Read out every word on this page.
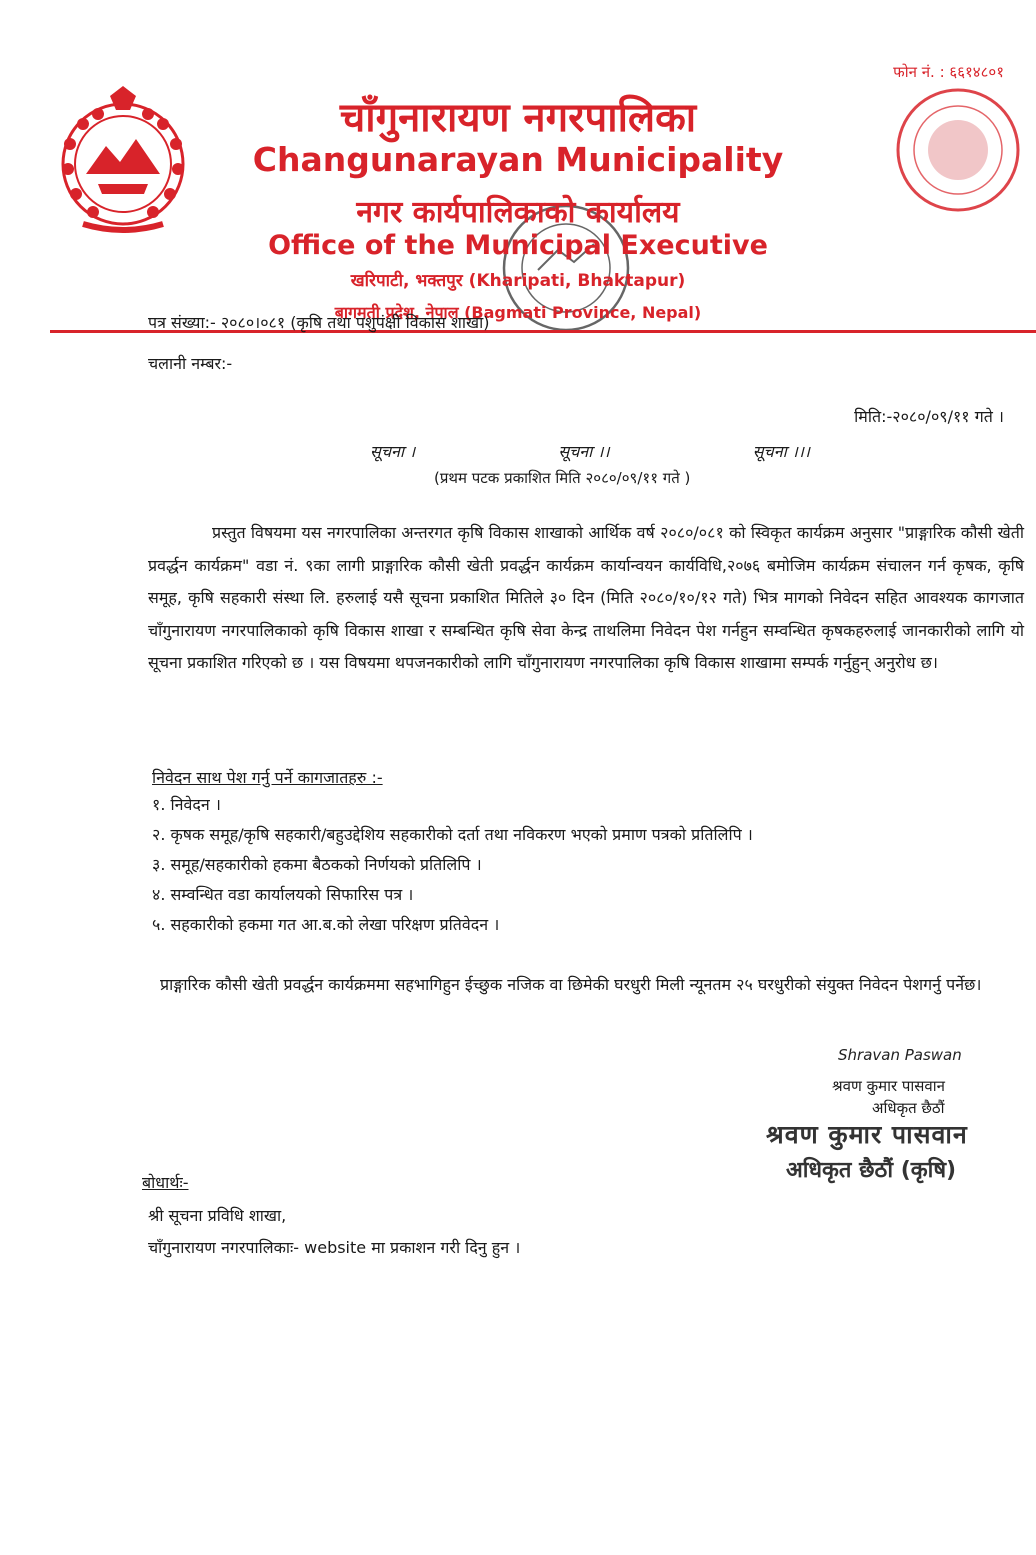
फोन नं. : ६६१४८०१
चाँगुनारायण नगरपालिका
Changunarayan Municipality
नगर कार्यपालिकाको कार्यालय
Office of the Municipal Executive
खरिपाटी, भक्तपुर (Kharipati, Bhaktapur)
बागमती प्रदेश, नेपाल (Bagmati Province, Nepal)
पत्र संख्या:- २०८०।०८१ (कृषि तथा पशुपंक्षी विकास शाखा)
चलानी नम्बर:-
मिति:-२०८०/०९/११ गते ।
सूचना ।	सूचना ।।	सूचना ।।।
(प्रथम पटक प्रकाशित मिति २०८०/०९/११ गते )
प्रस्तुत विषयमा यस नगरपालिका अन्तरगत कृषि विकास शाखाको आर्थिक वर्ष २०८०/०८१ को स्विकृत कार्यक्रम अनुसार "प्राङ्गारिक कौसी खेती प्रवर्द्धन कार्यक्रम" वडा नं. ९का लागी प्राङ्गारिक कौसी खेती प्रवर्द्धन कार्यक्रम कार्यान्वयन कार्यविधि,२०७६ बमोजिम कार्यक्रम संचालन गर्न कृषक, कृषि समूह, कृषि सहकारी संस्था लि. हरुलाई यसै सूचना प्रकाशित मितिले ३० दिन (मिति २०८०/१०/१२ गते) भित्र मागको निवेदन सहित आवश्यक कागजात चाँगुनारायण नगरपालिकाको कृषि विकास शाखा र सम्बन्धित कृषि सेवा केन्द्र ताथलिमा निवेदन पेश गर्नहुन सम्वन्धित कृषकहरुलाई जानकारीको लागि यो सूचना प्रकाशित गरिएको छ । यस विषयमा थपजनकारीको लागि चाँगुनारायण नगरपालिका कृषि विकास शाखामा सम्पर्क गर्नुहुन् अनुरोध छ।
निवेदन साथ पेश गर्नु पर्ने कागजातहरु :-
१. निवेदन ।
२. कृषक समूह/कृषि सहकारी/बहुउद्देशिय सहकारीको दर्ता तथा नविकरण भएको प्रमाण पत्रको प्रतिलिपि ।
३. समूह/सहकारीको हकमा बैठकको निर्णयको प्रतिलिपि ।
४. सम्वन्धित वडा कार्यालयको सिफारिस पत्र ।
५. सहकारीको हकमा गत आ.ब.को लेखा परिक्षण प्रतिवेदन ।
प्राङ्गारिक कौसी खेती प्रवर्द्धन कार्यक्रममा सहभागिहुन ईच्छुक नजिक वा छिमेकी घरधुरी मिली न्यूनतम २५ घरधुरीको संयुक्त निवेदन पेशगर्नु पर्नेछ।
Shravan Paswan
श्रवण कुमार पासवान
अधिकृत छैठौं
श्रवण कुमार पासवान
अधिकृत छैठौं (कृषि)
बोधार्थः-
श्री सूचना प्रविधि शाखा,
चाँगुनारायण नगरपालिकाः- website मा प्रकाशन गरी दिनु हुन ।
